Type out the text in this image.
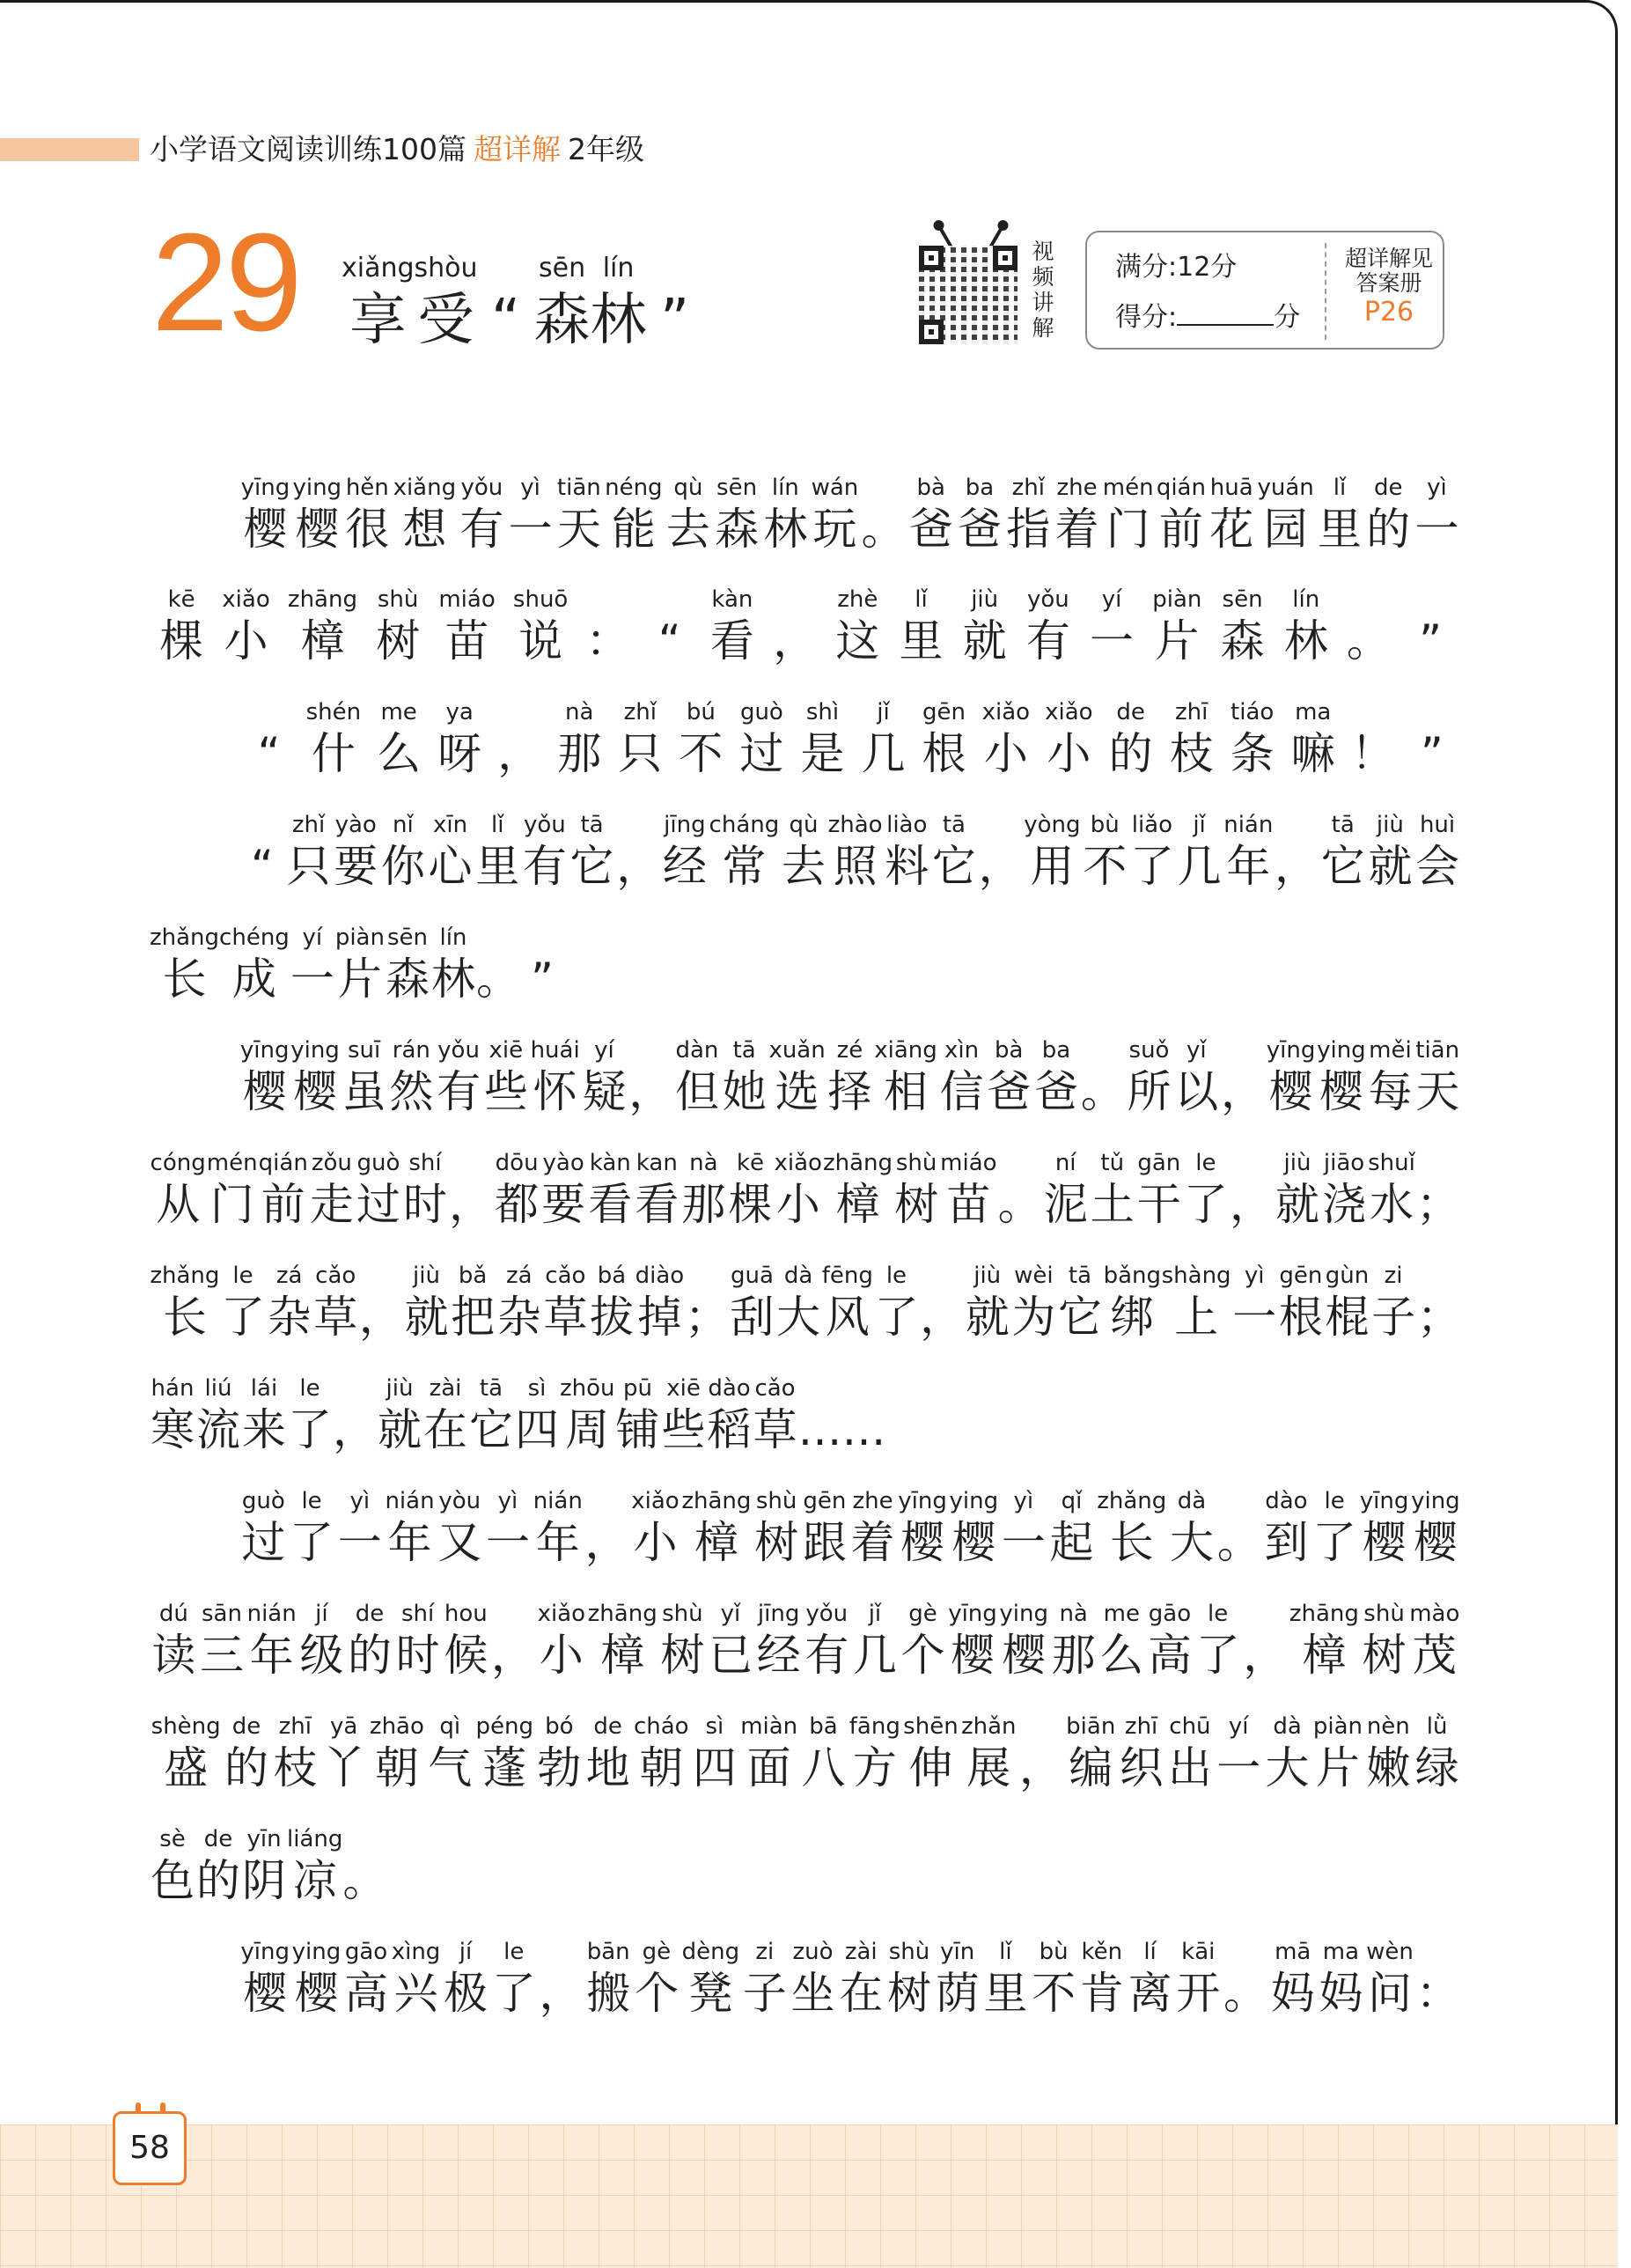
小学语文阅读训练100篇 超详解 2年级
29 xiǎng
享
shòu
受 “
sēn
森
lín
林 ”	视频讲解 满分:12分
得分:	分
超详解见
答案册
P26
yīng
樱
ying
樱
hěn
很
xiǎng
想
yǒu
有
yì
一
tiān
天
néng
能
qù
去
sēn
森
lín
林
wán
玩 。
bà
爸
ba
爸
zhǐ
指
zhe
着
mén
门
qián
前
huā
花
yuán
园
lǐ
里
de
的
yì
一
kē
棵
xiǎo
小
zhāng
樟
shù
树
miáo
苗
shuō
说 ： “
kàn
看 ，
zhè
这
lǐ
里
jiù
就
yǒu
有
yí
一
piàn
片
sēn
森
lín
林 。 ”
“
shén
什
me
么
ya
呀 ，
nà
那
zhǐ
只
bú
不
guò
过
shì
是
jǐ
几
gēn
根
xiǎo
小
xiǎo
小
de
的
zhī
枝
tiáo
条
ma
嘛 ！ ”
“
zhǐ
只
yào
要
nǐ
你
xīn
心
lǐ
里
yǒu
有
tā
它 ，
jīng
经
cháng
常
qù
去
zhào
照
liào
料
tā
它 ，
yòng
用
bù
不
liǎo
了
jǐ
几
nián
年 ，
tā
它
jiù
就
huì
会
zhǎng
长
chéng
成
yí
一
piàn
片
sēn
森
lín
林 。 ”
yīng
樱
ying
樱
suī
虽
rán
然
yǒu
有
xiē
些
huái
怀
yí
疑 ，
dàn
但
tā
她
xuǎn
选
zé
择
xiāng
相
xìn
信
bà
爸
ba
爸 。
suǒ
所
yǐ
以 ，
yīng
樱
ying
樱
měi
每
tiān
天
cóng
从
mén
门
qián
前
zǒu
走
guò
过
shí
时 ，
dōu
都
yào
要
kàn
看
kan
看
nà
那
kē
棵
xiǎo
小
zhāng
樟
shù
树
miáo
苗 。
ní
泥
tǔ
土
gān
干
le
了 ，
jiù
就
jiāo
浇
shuǐ
水 ；
zhǎng
长
le
了
zá
杂
cǎo
草 ，
jiù
就
bǎ
把
zá
杂
cǎo
草
bá
拔
diào
掉 ；
guā
刮
dà
大
fēng
风
le
了 ，
jiù
就
wèi
为
tā
它
bǎng
绑
shàng
上
yì
一
gēn
根
gùn
棍
zi
子 ；
hán
寒
liú
流
lái
来
le
了 ，
jiù
就
zài
在
tā
它
sì
四
zhōu
周
pū
铺
xiē
些
dào
稻
cǎo
草 ……
guò
过
le
了
yì
一
nián
年
yòu
又
yì
一
nián
年 ，
xiǎo
小
zhāng
樟
shù
树
gēn
跟
zhe
着
yīng
樱
ying
樱
yì
一
qǐ
起
zhǎng
长
dà
大 。
dào
到
le
了
yīng
樱
ying
樱
dú
读
sān
三
nián
年
jí
级
de
的
shí
时
hou
候 ，
xiǎo
小
zhāng
樟
shù
树
yǐ
已
jīng
经
yǒu
有
jǐ
几
gè
个
yīng
樱
ying
樱
nà
那
me
么
gāo
高
le
了 ，
zhāng
樟
shù
树
mào
茂
shèng
盛
de
的
zhī
枝
yā
丫
zhāo
朝
qì
气
péng
蓬
bó
勃
de
地
cháo
朝
sì
四
miàn
面
bā
八
fāng
方
shēn
伸
zhǎn
展 ，
biān
编
zhī
织
chū
出
yí
一
dà
大
piàn
片
nèn
嫩
lǜ
绿
sè
色
de
的
yīn
阴
liáng
凉 。
yīng
樱
ying
樱
gāo
高
xìng
兴
jí
极
le
了 ，
bān
搬
gè
个
dèng
凳
zi
子
zuò
坐
zài
在
shù
树
yīn
荫
lǐ
里
bù
不
kěn
肯
lí
离
kāi
开 。
mā
妈
ma
妈
wèn
问 ：
58
